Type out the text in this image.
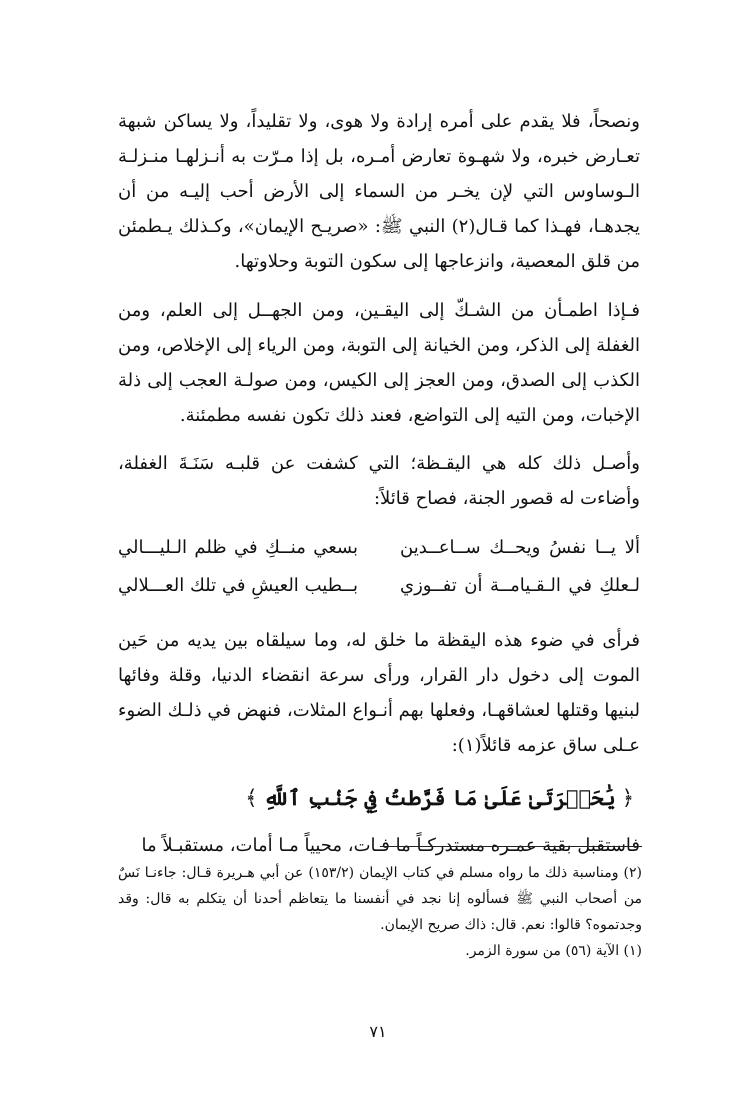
ونصحاً، فلا يقدم على أمره إرادة ولا هوى، ولا تقليداً، ولا يساكن شبهة تعـارض خبره، ولا شهـوة تعارض أمـره، بل إذا مـرّت به أنـزلهـا منـزلـة الـوساوس التي لإن يخـر من السماء إلى الأرض أحب إليـه من أن يجدهـا، فهـذا كما قـال(٢) النبي ﷺ: «صريـح الإيمان»، وكـذلك يـطمئن من قلق المعصية، وانزعاجها إلى سكون التوبة وحلاوتها.

فـإذا اطمـأن من الشـكّ إلى اليقـين، ومن الجهــل إلى العلم، ومن الغفلة إلى الذكر، ومن الخيانة إلى التوبة، ومن الرياء إلى الإخلاص، ومن الكذب إلى الصدق، ومن العجز إلى الكيس، ومن صولـة العجب إلى ذلة الإخبات، ومن التيه إلى التواضع، فعند ذلك تكون نفسه مطمئنة.

وأصـل ذلك كله هي اليقـظة؛ التي كشفت عن قلبـه سَنَـةَ الغفلة، وأضاءت له قصور الجنة، فصاح قائلاً:

ألا يــا نفسُ ويحــك ســاعــدين
بسعي منــكِ في ظلم الـليـــالي
لـعلكِ في الـقـيامــة أن تفــوزي
بــطيب العيشِ في تلك العـــلالي

فرأى في ضوء هذه اليقظة ما خلق له، وما سيلقاه بين يديه من حَين الموت إلى دخول دار القرار، ورأى سرعة انقضاء الدنيا، وقلة وفائها لبنيها وقتلها لعشاقهـا، وفعلها بهم أنـواع المثلات، فنهض في ذلـك الضوء عـلى ساق عزمه قائلاً(١):

﴿يَٰحَسۡرَتَىٰ عَلَىٰ مَا فَرَّطتُ فِي جَنۢبِ ٱللَّهِ﴾

فاستقبل بقية عمـره مستدركـاً ما فـات، محيياً مـا أمات، مستقبـلاً ما

(٢) ومناسبة ذلك ما رواه مسلم في كتاب الإيمان (١٥٣/٢) عن أبي هـريرة قـال: جاءنـا نَسٌ من أصحاب النبي ﷺ فسألوه إنا نجد في أنفسنا ما يتعاظم أحدنا أن يتكلم به قال: وقد وجدتموه؟ قالوا: نعم. قال: ذاك صريح الإيمان.

(١) الآية (٥٦) من سورة الزمر.

٧١
